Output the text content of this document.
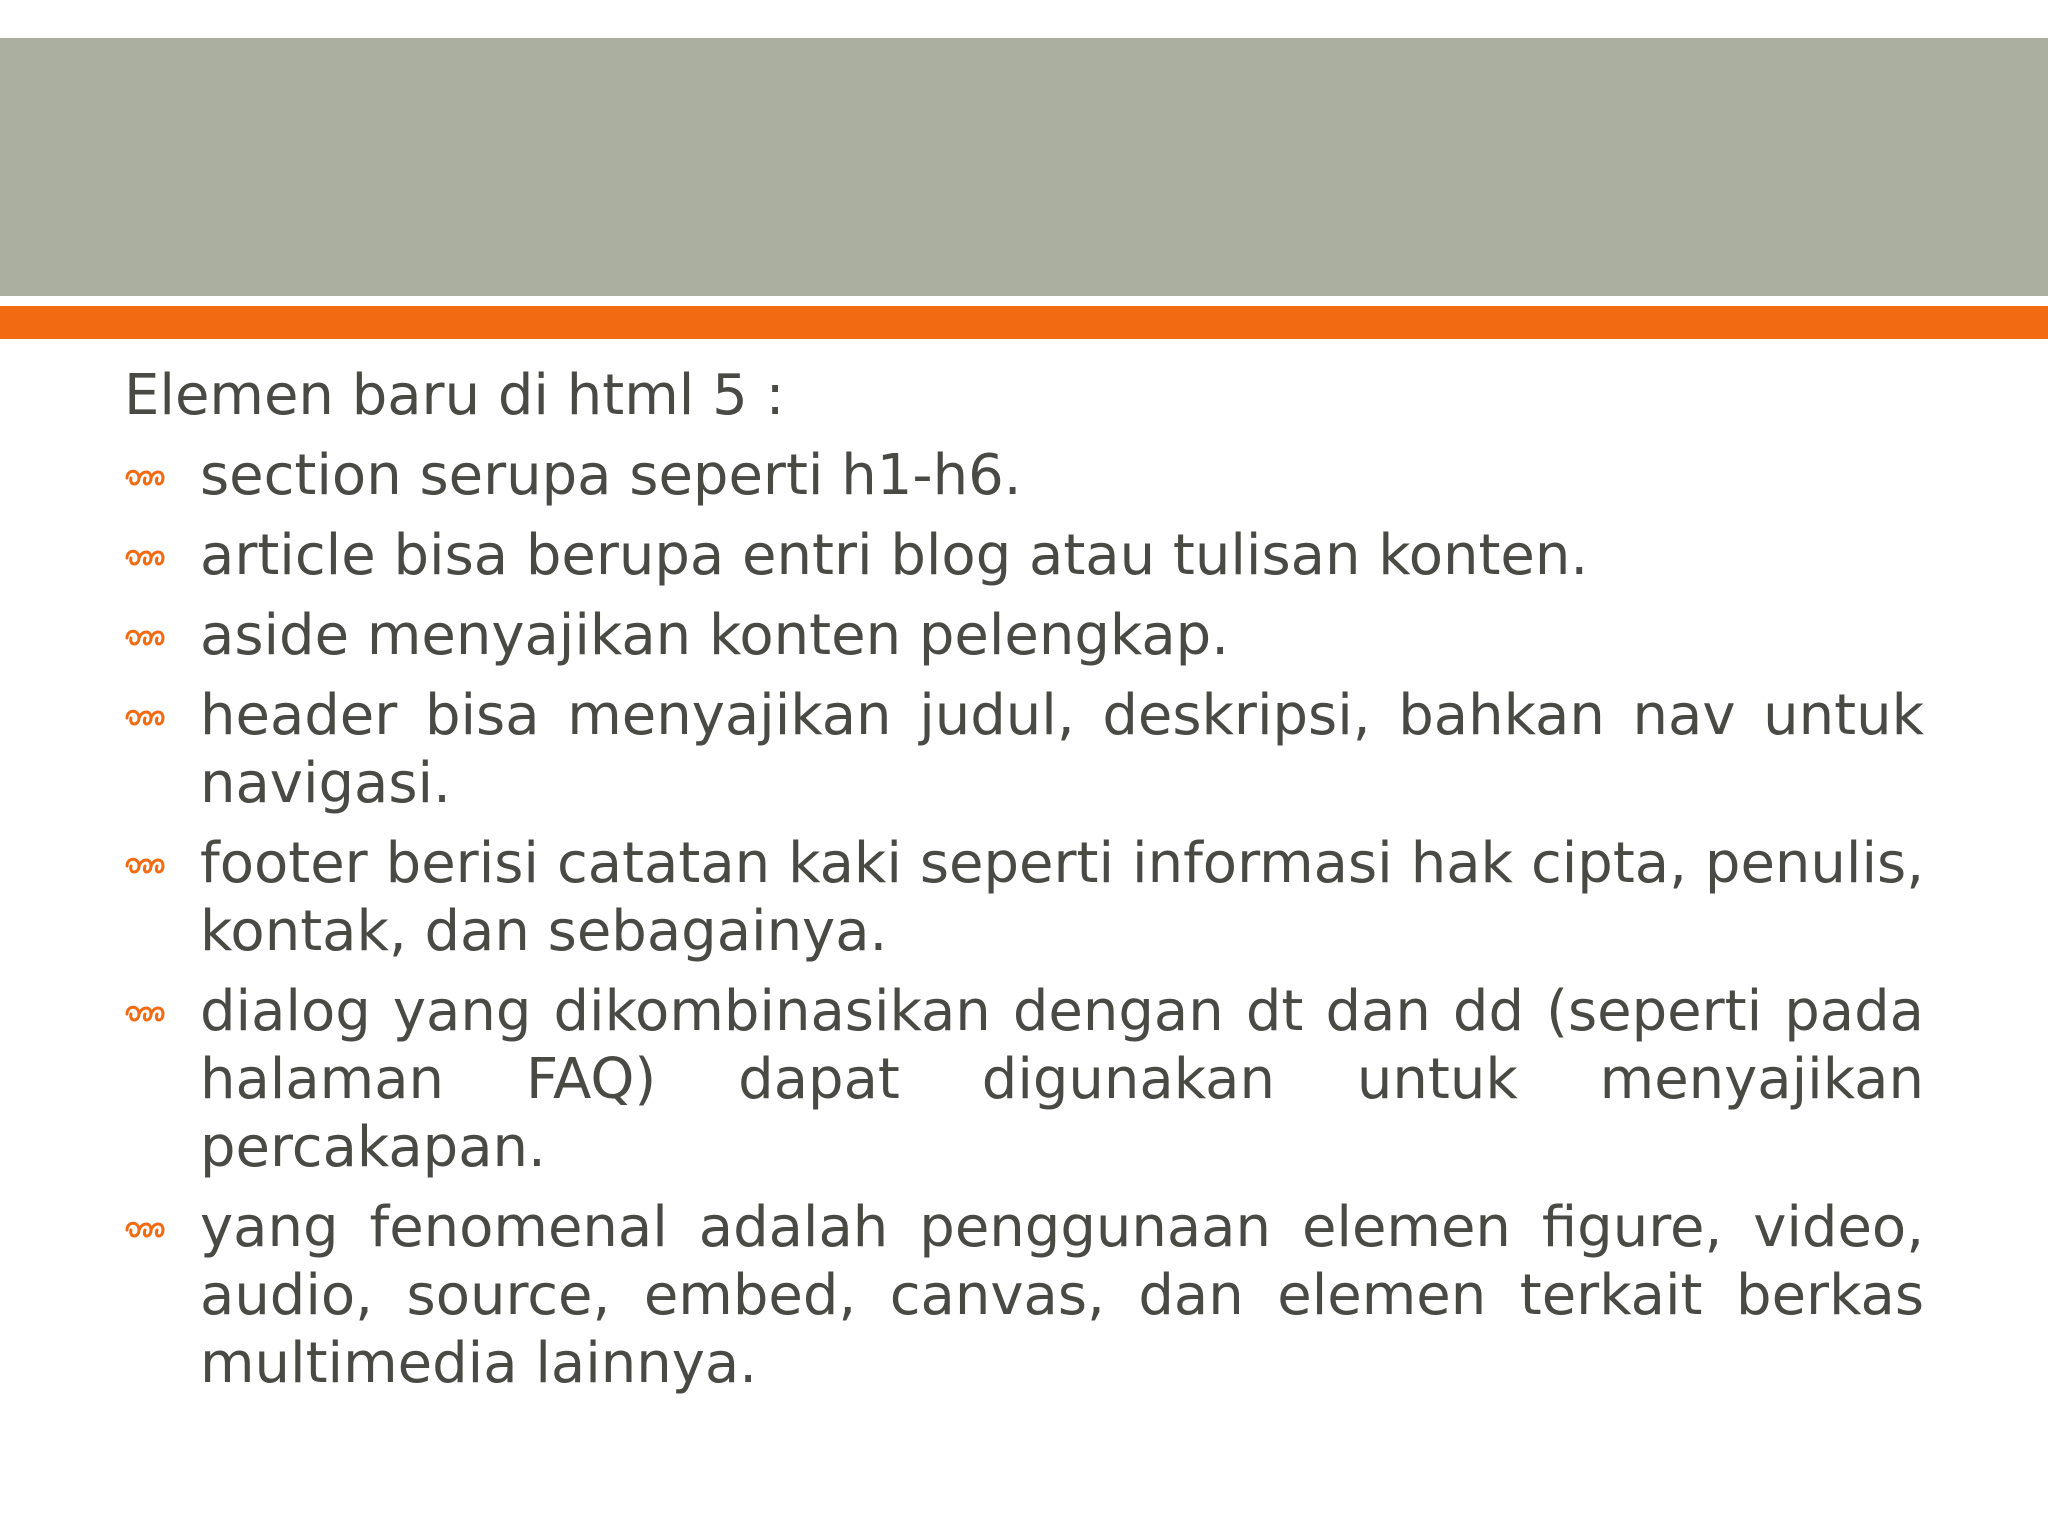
Elemen baru di html 5 :

section serupa seperti h1-h6.
article bisa berupa entri blog atau tulisan konten.
aside menyajikan konten pelengkap.
header bisa menyajikan judul, deskripsi, bahkan nav untuk navigasi.
footer berisi catatan kaki seperti informasi hak cipta, penulis, kontak, dan sebagainya.
dialog yang dikombinasikan dengan dt dan dd (seperti pada halaman FAQ) dapat digunakan untuk menyajikan percakapan.
yang fenomenal adalah penggunaan elemen figure, video, audio, source, embed, canvas, dan elemen terkait berkas multimedia lainnya.
